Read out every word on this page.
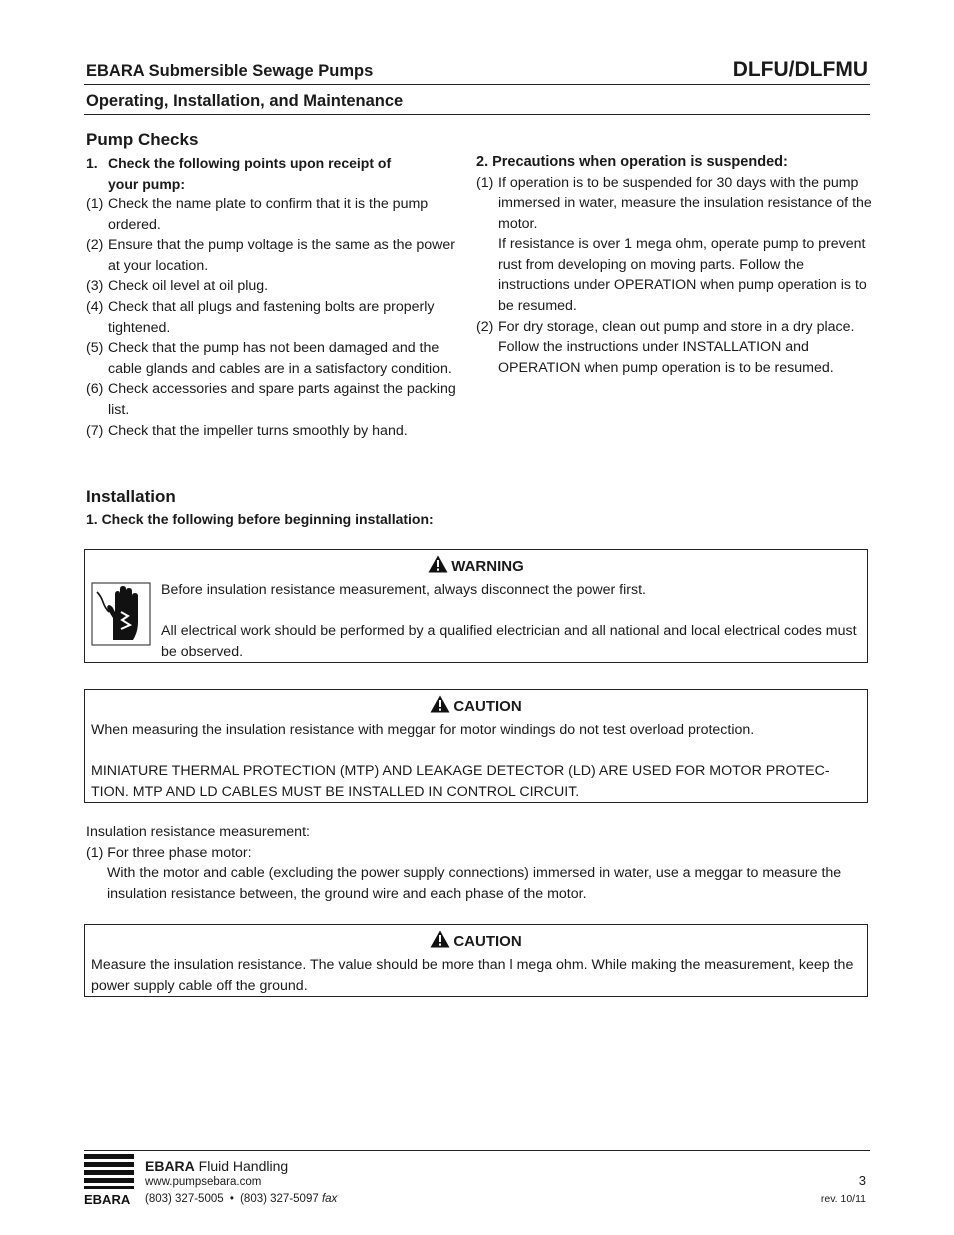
EBARA Submersible Sewage Pumps	DLFU/DLFMU
Operating, Installation, and Maintenance
Pump Checks
1. Check the following points upon receipt of
your pump:
(1) Check the name plate to confirm that it is the pump ordered.
(2) Ensure that the pump voltage is the same as the power at your location.
(3) Check oil level at oil plug.
(4) Check that all plugs and fastening bolts are properly tightened.
(5) Check that the pump has not been damaged and the cable glands and cables are in a satisfactory condition.
(6) Check accessories and spare parts against the packing list.
(7) Check that the impeller turns smoothly by hand.
2. Precautions when operation is suspended:
(1) If operation is to be suspended for 30 days with the pump immersed in water, measure the insulation resistance of the motor.
If resistance is over 1 mega ohm, operate pump to prevent rust from developing on moving parts. Follow the instructions under OPERATION when pump operation is to be resumed.
(2) For dry storage, clean out pump and store in a dry place. Follow the instructions under INSTALLATION and OPERATION when pump operation is to be resumed.
Installation
1. Check the following before beginning installation:
WARNING
Before insulation resistance measurement, always disconnect the power first.
All electrical work should be performed by a qualified electrician and all national and local electrical codes must be observed.
CAUTION
When measuring the insulation resistance with meggar for motor windings do not test overload protection.
MINIATURE THERMAL PROTECTION (MTP) AND LEAKAGE DETECTOR (LD) ARE USED FOR MOTOR PROTEC-TION. MTP AND LD CABLES MUST BE INSTALLED IN CONTROL CIRCUIT.
Insulation resistance measurement:
(1) For three phase motor:
With the motor and cable (excluding the power supply connections) immersed in water, use a meggar to measure the insulation resistance between, the ground wire and each phase of the motor.
CAUTION
Measure the insulation resistance. The value should be more than l mega ohm. While making the measurement, keep the power supply cable off the ground.
EBARA
EBARA Fluid Handling
www.pumpsebara.com
(803) 327-5005 • (803) 327-5097 fax
3
rev. 10/11
